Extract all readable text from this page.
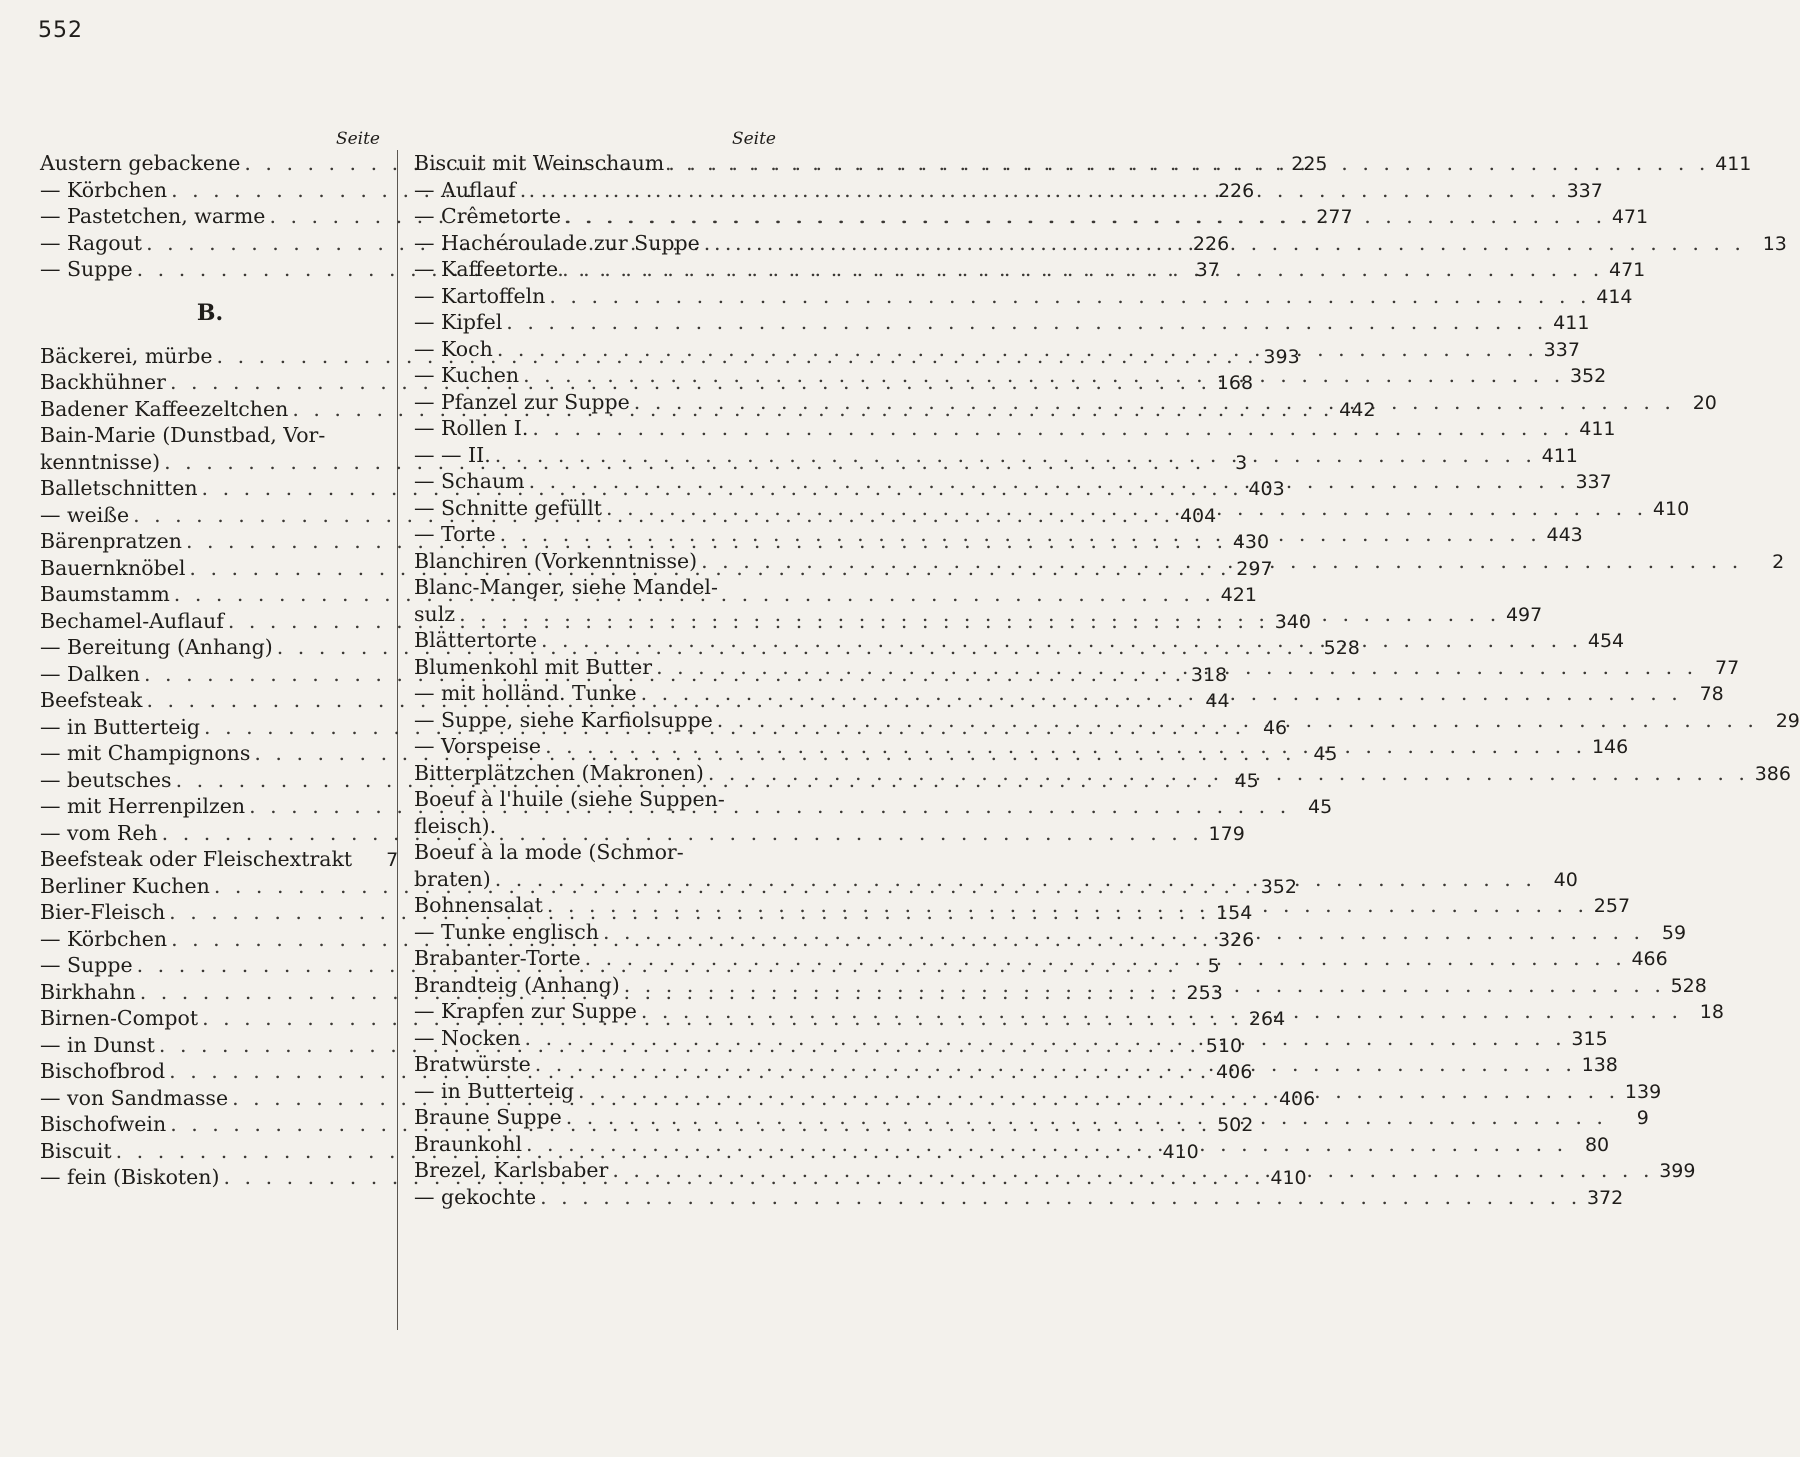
552
Seite
Austern gebackene . . .	225
— Körbchen . . .	226
— Pastetchen, warme . . .	277
— Ragout . . .	226
— Suppe . . .	37
B.
Bäckerei, mürbe . . .	393
Backhühner . . .	168
Badener Kaffeezeltchen . . .	442
Bain-Marie (Dunstbad, Vor-
kenntnisse) . . .	3
Balletschnitten . . .	403
— weiße . . .	404
Bärenpratzen . . .	430
Bauernknöbel . . .	297
Baumstamm . . .	421
Bechamel-Auflauf . . .	340
— Bereitung (Anhang) . . .	528
— Dalken . . .	318
Beefsteak . . .	44
— in Butterteig . . .	46
— mit Champignons . . .	45
— beutsches . . .	45
— mit Herrenpilzen . . .	45
— vom Reh . . .	179
Beefsteak oder Fleischextrakt	7
Berliner Kuchen . . .	352
Bier-Fleisch . . .	154
— Körbchen . . .	326
— Suppe . . .	5
Birkhahn . . .	253
Birnen-Compot . . .	264
— in Dunst . . .	510
Bischofbrod . . .	406
— von Sandmasse . . .	406
Bischofwein . . .	502
Biscuit . . .	410
— fein (Biskoten) . . .	410
Seite
Biscuit mit Weinschaum . . .	411
— Auflauf . . .	337
— Crêmetorte . . .	471
— Hachéroulade zur Suppe . . .	13
— Kaffeetorte . . .	471
— Kartoffeln . . .	414
— Kipfel . . .	411
— Koch . . .	337
— Kuchen . . .	352
— Pfanzel zur Suppe . . .	20
— Rollen I. . . .	411
— — II. . . .	411
— Schaum . . .	337
— Schnitte gefüllt . . .	410
— Torte . . .	443
Blanchiren (Vorkenntnisse) . . .	2
Blanc-Manger, siehe Mandel-
sulz . . .	497
Blättertorte . . .	454
Blumenkohl mit Butter . . .	77
— mit holländ. Tunke . . .	78
— Suppe, siehe Karfiolsuppe . . .	29
— Vorspeise . . .	146
Bitterplätzchen (Makronen) . . .	386
Boeuf à l'huile (siehe Suppen-
fleisch).
Boeuf à la mode (Schmor-
braten) . . .	40
Bohnensalat . . .	257
— Tunke englisch . . .	59
Brabanter-Torte . . .	466
Brandteig (Anhang) . . .	528
— Krapfen zur Suppe . . .	18
— Nocken . . .	315
Bratwürste . . .	138
— in Butterteig . . .	139
Braune Suppe . . .	9
Braunkohl . . .	80
Brezel, Karlsbaber . . .	399
— gekochte . . .	372
